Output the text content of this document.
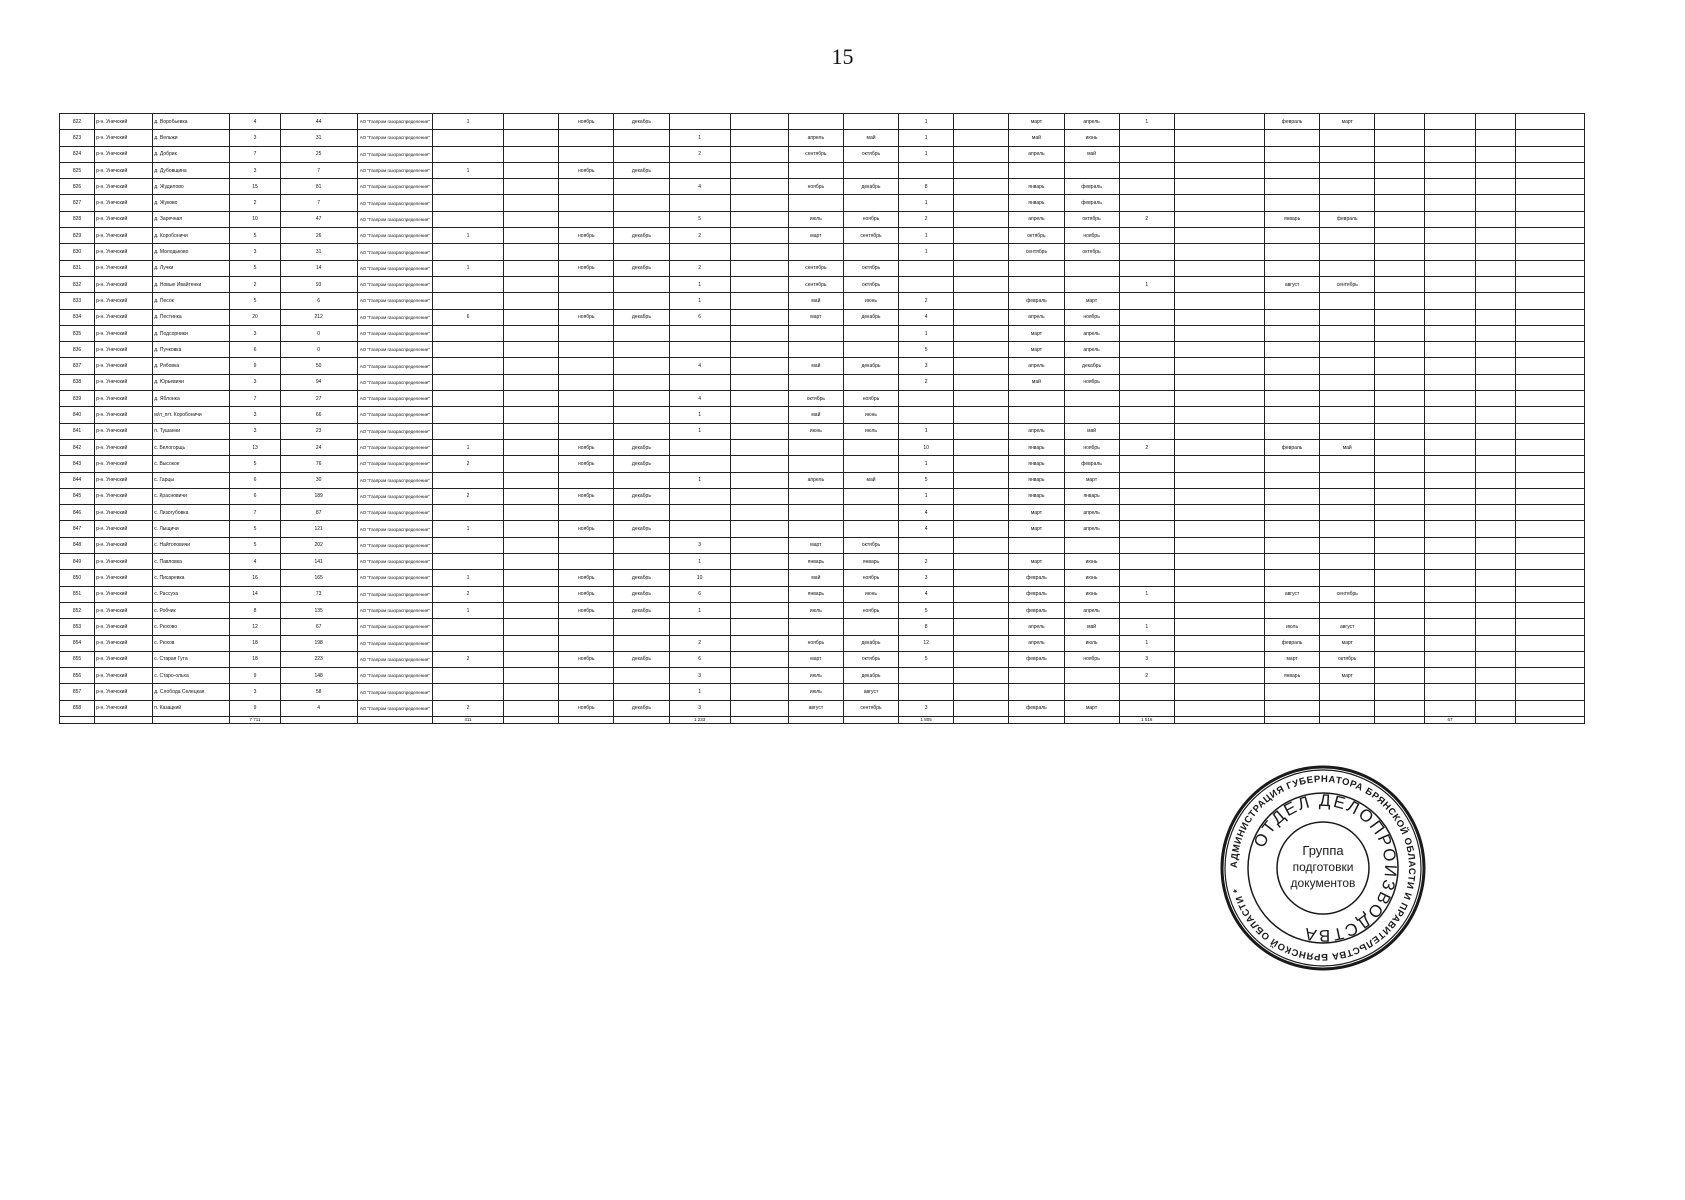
15
822	р-н. Унечский	д. Воробьевка	4	44	АО "Газпром газораспределение"	1		ноябрь	декабрь					1		март	апрель	1		февраль	март				
823	р-н. Унечский	д. Вельжи	3	31	АО "Газпром газораспределение"					1		апрель	май	1		май	июнь								
824	р-н. Унечский	д. Добрик	7	25	АО "Газпром газораспределение"					2		сентябрь	октябрь	1		апрель	май								
825	р-н. Унечский	д. Дубовщина	3	7	АО "Газпром газораспределение"	1		ноябрь	декабрь																
826	р-н. Унечский	д. Жудилово	15	81	АО "Газпром газораспределение"					4		ноябрь	декабрь	8		январь	февраль								
827	р-н. Унечский	д. Жуково	2	7	АО "Газпром газораспределение"									1		январь	февраль								
828	р-н. Унечский	д. Заречная	10	47	АО "Газпром газораспределение"					5		июль	ноябрь	2		апрель	октябрь	2		январь	февраль				
829	р-н. Унечский	д. Коробоничи	5	26	АО "Газпром газораспределение"	1		ноябрь	декабрь	2		март	сентябрь	1		октябрь	ноябрь								
830	р-н. Унечский	д. Молодьково	3	31	АО "Газпром газораспределение"									1		сентябрь	октябрь								
831	р-н. Унечский	д. Лучки	5	14	АО "Газпром газораспределение"	1		ноябрь	декабрь	2		сентябрь	октябрь												
832	р-н. Унечский	д. Новые Ивайтенки	2	93	АО "Газпром газораспределение"					1		сентябрь	октябрь					1		август	сентябрь				
833	р-н. Унечский	д. Песок	5	6	АО "Газпром газораспределение"					1		май	июнь	2		февраль	март								
834	р-н. Унечский	д. Пестинка	20	212	АО "Газпром газораспределение"	6		ноябрь	декабрь	6		март	декабрь	4		апрель	ноябрь								
835	р-н. Унечский	д. Подсорники	3	0	АО "Газпром газораспределение"									1		март	апрель								
836	р-н. Унечский	д. Пучковка	6	0	АО "Газпром газораспределение"									5		март	апрель								
837	р-н. Унечский	д. Рябовка	9	50	АО "Газпром газораспределение"					4		май	декабрь	3		апрель	декабрь								
838	р-н. Унечский	д. Юрьевичи	3	94	АО "Газпром газораспределение"									2		май	ноябрь								
839	р-н. Унечский	д. Яблонка	7	27	АО "Газпром газораспределение"					4		октябрь	ноябрь												
840	р-н. Унечский	м/л_пгт. Коробоничи	3	66	АО "Газпром газораспределение"					1		май	июнь												
841	р-н. Унечский	п. Тушанни	3	23	АО "Газпром газораспределение"					1		июнь	июль	1		апрель	май								
842	р-н. Унечский	с. Белогорщь	13	24	АО "Газпром газораспределение"	1		ноябрь	декабрь					10		январь	ноябрь	2		февраль	май				
843	р-н. Унечский	с. Высокое	5	76	АО "Газпром газораспределение"	2		ноябрь	декабрь					1		январь	февраль								
844	р-н. Унечский	с. Гарцы	6	30	АО "Газпром газораспределение"					1		апрель	май	5		январь	март								
845	р-н. Унечский	с. Красновичи	6	189	АО "Газпром газораспределение"	2		ноябрь	декабрь					1		январь	январь								
846	р-н. Унечский	с. Лизогубовка	7	87	АО "Газпром газораспределение"									4		март	апрель								
847	р-н. Унечский	с. Лыщичи	5	121	АО "Газпром газораспределение"	1		ноябрь	декабрь					4		март	апрель								
848	р-н. Унечский	с. Найтоповичи	5	202	АО "Газпром газораспределение"					3		март	октябрь												
849	р-н. Унечский	с. Павловка	4	141	АО "Газпром газораспределение"					1		январь	январь	2		март	июнь								
850	р-н. Унечский	с. Писаревка	16	165	АО "Газпром газораспределение"	1		ноябрь	декабрь	10		май	ноябрь	3		февраль	июнь								
851	р-н. Унечский	с. Рассуха	14	73	АО "Газпром газораспределение"	2		ноябрь	декабрь	6		январь	июнь	4		февраль	июнь	1		август	сентябрь				
852	р-н. Унечский	с. Робчик	8	135	АО "Газпром газораспределение"	1		ноябрь	декабрь	1		июль	ноябрь	5		февраль	апрель								
853	р-н. Унечский	с. Рюхово	12	67	АО "Газпром газораспределение"									8		апрель	май	1		июль	август				
854	р-н. Унечский	с. Рюхов	18	198	АО "Газпром газораспределение"					2		ноябрь	декабрь	12		апрель	июль	1		февраль	март				
855	р-н. Унечский	с. Старая Гута	18	223	АО "Газпром газораспределение"	2		ноябрь	декабрь	6		март	октябрь	5		февраль	ноябрь	3		март	октябрь				
856	р-н. Унечский	с. Старо-ольха	9	148	АО "Газпром газораспределение"					3		июль	декабрь					2		январь	март				
857	р-н. Унечский	д. Слобода Селецкая	3	58	АО "Газпром газораспределение"					1		июль	август												
858	р-н. Унечский	п. Казацкий	9	4	АО "Газпром газораспределение"	2		ноябрь	декабрь	3		август	сентябрь	3		февраль	март								
			7 711			411				1 233				1 805				1 516					67		
АДМИНИСТРАЦИЯ ГУБЕРНАТОРА БРЯНСКОЙ ОБЛАСТИ И ПРАВИТЕЛЬСТВА БРЯНСКОЙ ОБЛАСТИ *
ОТДЕЛ ДЕЛОПРОИЗВОДСТВА
Группа
подготовки
документов
